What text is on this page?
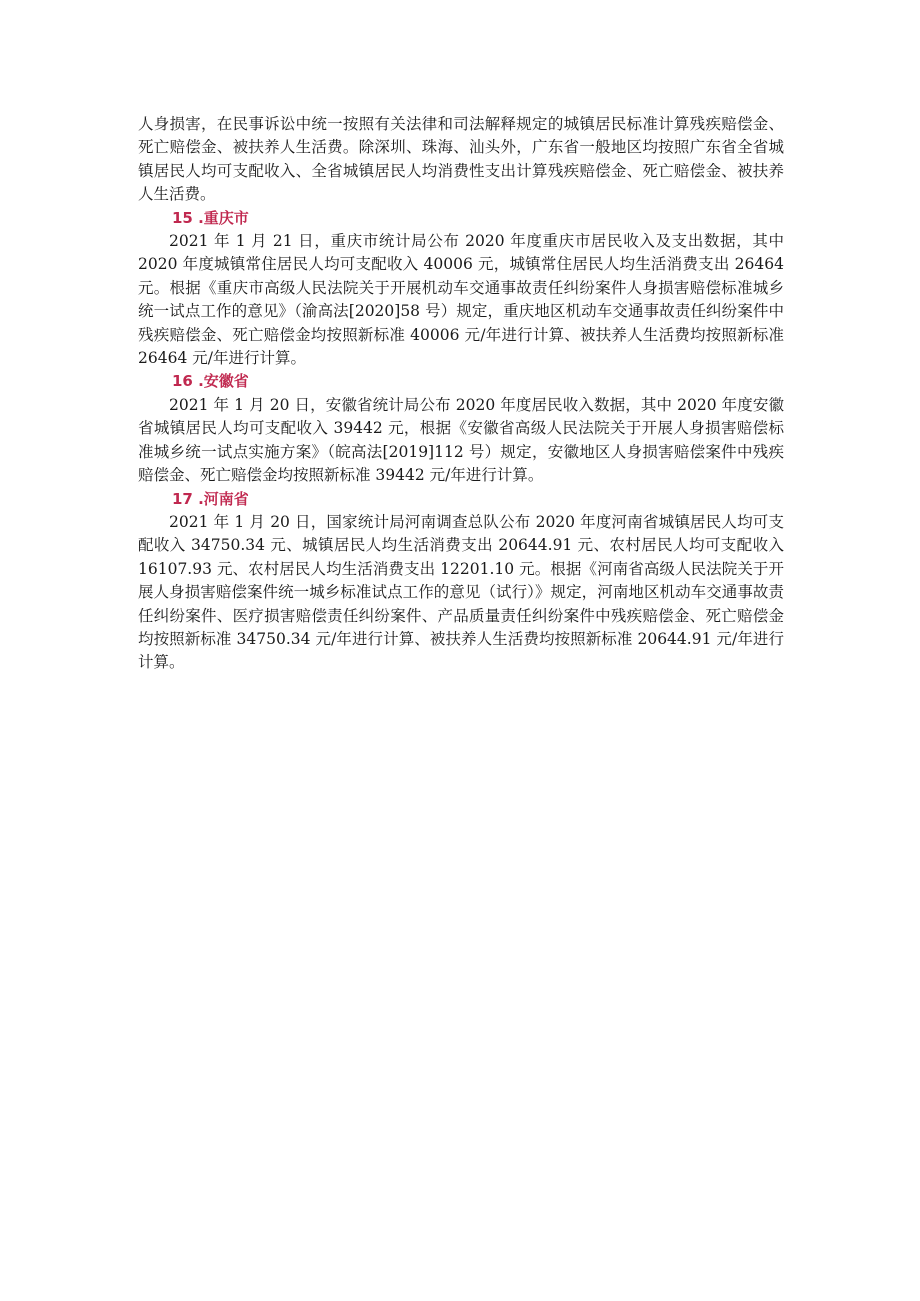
人身损害，在民事诉讼中统一按照有关法律和司法解释规定的城镇居民标准计算残疾赔偿金、死亡赔偿金、被扶养人生活费。除深圳、珠海、汕头外，广东省一般地区均按照广东省全省城镇居民人均可支配收入、全省城镇居民人均消费性支出计算残疾赔偿金、死亡赔偿金、被扶养人生活费。

15 .重庆市

2021 年 1 月 21 日，重庆市统计局公布 2020 年度重庆市居民收入及支出数据，其中 2020 年度城镇常住居民人均可支配收入 40006 元，城镇常住居民人均生活消费支出 26464 元。根据《重庆市高级人民法院关于开展机动车交通事故责任纠纷案件人身损害赔偿标准城乡统一试点工作的意见》（渝高法[2020]58 号）规定，重庆地区机动车交通事故责任纠纷案件中残疾赔偿金、死亡赔偿金均按照新标准 40006 元/年进行计算、被扶养人生活费均按照新标准 26464 元/年进行计算。

16 .安徽省

2021 年 1 月 20 日，安徽省统计局公布 2020 年度居民收入数据，其中 2020 年度安徽省城镇居民人均可支配收入 39442 元，根据《安徽省高级人民法院关于开展人身损害赔偿标准城乡统一试点实施方案》（皖高法[2019]112 号）规定，安徽地区人身损害赔偿案件中残疾赔偿金、死亡赔偿金均按照新标准 39442 元/年进行计算。

17 .河南省

2021 年 1 月 20 日，国家统计局河南调查总队公布 2020 年度河南省城镇居民人均可支配收入 34750.34 元、城镇居民人均生活消费支出 20644.91 元、农村居民人均可支配收入 16107.93 元、农村居民人均生活消费支出 12201.10 元。根据《河南省高级人民法院关于开展人身损害赔偿案件统一城乡标准试点工作的意见（试行）》规定，河南地区机动车交通事故责任纠纷案件、医疗损害赔偿责任纠纷案件、产品质量责任纠纷案件中残疾赔偿金、死亡赔偿金均按照新标准 34750.34 元/年进行计算、被扶养人生活费均按照新标准 20644.91 元/年进行计算。
